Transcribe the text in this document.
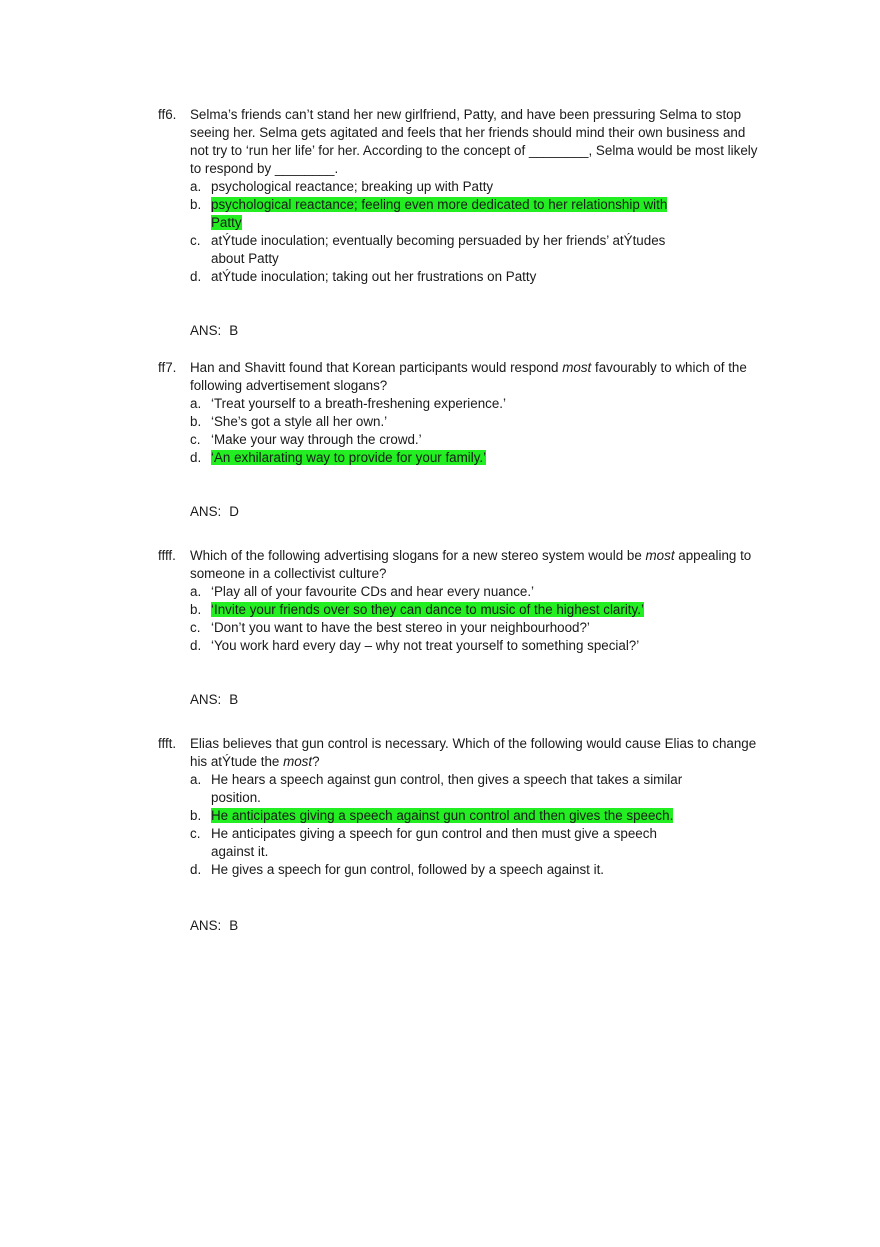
ff6. Selma’s friends can’t stand her new girlfriend, Patty, and have been pressuring Selma to stop seeing her. Selma gets agitated and feels that her friends should mind their own business and not try to ‘run her life’ for her. According to the concept of ________, Selma would be most likely to respond by ________.
a. psychological reactance; breaking up with Patty
b. psychological reactance; feeling even more dedicated to her relationship with Patty
c. atÝtude inoculation; eventually becoming persuaded by her friends’ atÝtudes about Patty
d. atÝtude inoculation; taking out her frustrations on Patty
ANS: B
ff7. Han and Shavitt found that Korean participants would respond most favourably to which of the following advertisement slogans?
a. ‘Treat yourself to a breath-freshening experience.’
b. ‘She’s got a style all her own.’
c. ‘Make your way through the crowd.’
d. ‘An exhilarating way to provide for your family.’
ANS: D
ffff. Which of the following advertising slogans for a new stereo system would be most appealing to someone in a collectivist culture?
a. ‘Play all of your favourite CDs and hear every nuance.’
b. ‘Invite your friends over so they can dance to music of the highest clarity.’
c. ‘Don’t you want to have the best stereo in your neighbourhood?’
d. ‘You work hard every day – why not treat yourself to something special?’
ANS: B
ffft. Elias believes that gun control is necessary. Which of the following would cause Elias to change his atÝtude the most?
a. He hears a speech against gun control, then gives a speech that takes a similar position.
b. He anticipates giving a speech against gun control and then gives the speech.
c. He anticipates giving a speech for gun control and then must give a speech against it.
d. He gives a speech for gun control, followed by a speech against it.
ANS: B
